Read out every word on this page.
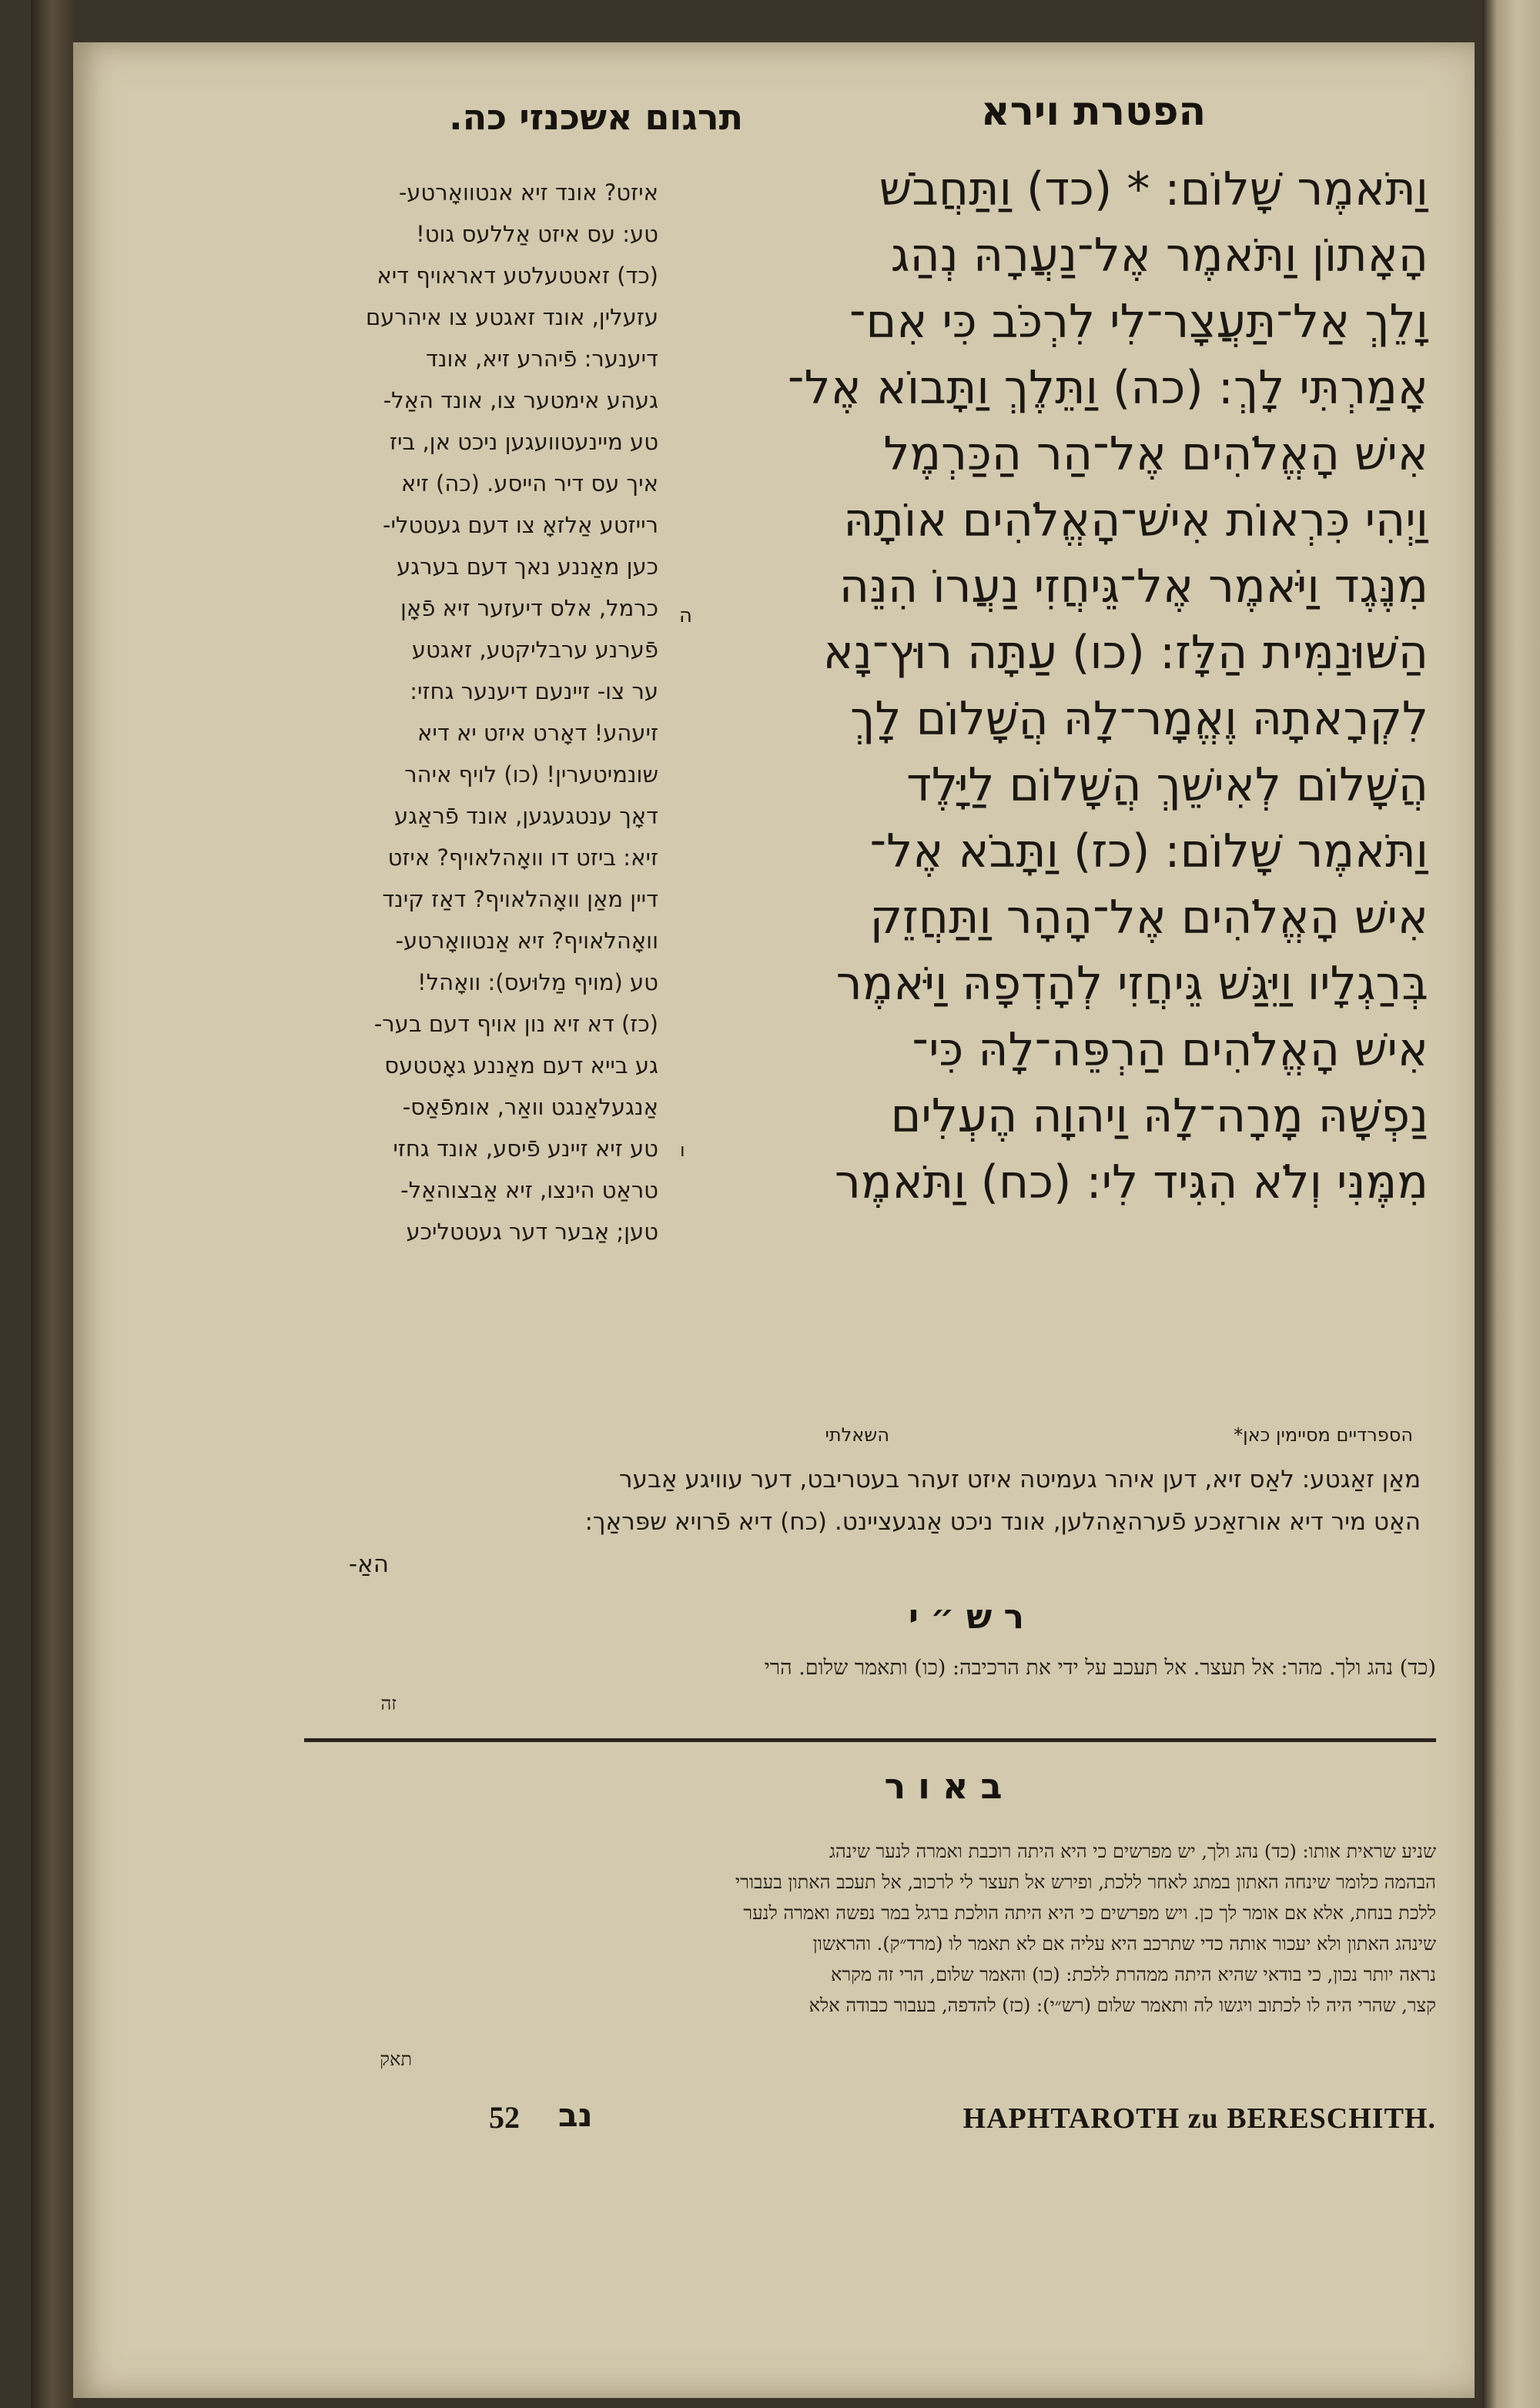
הפטרת וירא
תרגום אשכנזי כה.
וַתֹּאמֶר שָׁלוֹם: * (כד) וַתַּחֲבֹשׁ
הָאָתוֹן וַתֹּאמֶר אֶל־נַעֲרָהּ נְהַג
וָלֵךְ אַל־תַּעֲצָר־לִי לִרְכֹּב כִּי אִם־
אָמַרְתִּי לָךְ: (כה) וַתֵּלֶךְ וַתָּבוֹא אֶל־
אִישׁ הָאֱלֹהִים אֶל־הַר הַכַּרְמֶל
וַיְהִי כִּרְאוֹת אִישׁ־הָאֱלֹהִים אוֹתָהּ
מִנֶּגֶד וַיֹּאמֶר אֶל־גֵּיחֲזִי נַעֲרוֹ הִנֵּה
הַשּׁוּנַמִּית הַלָּז: (כו) עַתָּה רוּץ־נָא
לִקְרָאתָהּ וֶאֱמָר־לָהּ הֲשָׁלוֹם לָךְ
הֲשָׁלוֹם לְאִישֵׁךְ הֲשָׁלוֹם לַיָּלֶד
וַתֹּאמֶר שָׁלוֹם: (כז) וַתָּבֹא אֶל־
אִישׁ הָאֱלֹהִים אֶל־הָהָר וַתַּחֲזֵק
בְּרַגְלָיו וַיִּגַּשׁ גֵּיחֲזִי לְהָדְפָהּ וַיֹּאמֶר
אִישׁ הָאֱלֹהִים הַרְפֵּה־לָהּ כִּי־
נַפְשָׁהּ מָרָה־לָהּ וַיהוָה הֶעְלִים
מִמֶּנִּי וְלֹא הִגִּיד לִי: (כח) וַתֹּאמֶר
ה
ו
איזט? אונד זיא אנטוואָרטע-
טע: עס איזט אַללעס גוט!
(כד) זאטטעלטע דאראויף דיא
עזעלין, אונד זאגטע צו איהרעם
דיענער: פֿיהרע זיא, אונד
געהע אימטער צו, אונד האַל-
טע מיינעטוועגען ניכט אן, ביז
איך עס דיר הייסע. (כה) זיא
רייזטע אַלזאָ צו דעם געטטלי-
כען מאַננע נאך דעם בערגע
כרמל, אלס דיעזער זיא פֿאָן
פֿערנע ערבליקטע, זאגטע
ער צו- זיינעם דיענער גחזי:
זיעהע! דאָרט איזט יא דיא
שונמיטערין! (כו) לויף איהר
דאָך ענטגעגען, אונד פֿראַגע
זיא: ביזט דו וואָהלאויף? איזט
דיין מאַן וואָהלאויף? דאַז קינד
וואָהלאויף? זיא אַנטוואָרטע-
טע (מויף מַלוּעס): וואָהל!
(כז) דא זיא נון אויף דעם בער-
גע בייא דעם מאַננע גאָטטעס
אַנגעלאַנגט וואַר, אומפֿאַס-
טע זיא זיינע פֿיסע, אונד גחזי
טראַט הינצו, זיא אַבצוהאַל-
טען; אַבער דער געטטליכע
הספרדיים מסיימין כאן*
השאלתי
מאַן זאַגטע: לאַס זיא, דען איהר געמיטה איזט זעהר בעטריבט, דער עוויגע אַבער
האַט מיר דיא אורזאַכע פֿערהאַהלען, אונד ניכט אַנגעציינט. (כח) דיא פֿרויא שפּראַך:
האַ-
ר ש ״ י
(כד) נהג ולך. מהר: אל תעצר. אל תעכב על ידי את הרכיבה: (כו) ותאמר שלום. הרי
זה
ב א ו ר
שניע שראית אותו: (כד) נהג ולך, יש מפרשים כי היא היתה רוכבת ואמרה לנער שינהג
הבהמה כלומר שינחה האתון במתג לאחר ללכת, ופירש אל תעצר לי לרכוב, אל תעכב האתון בעבורי
ללכת בנחת, אלא אם אומר לך כן. ויש מפרשים כי היא היתה הולכת ברגל במר נפשה ואמרה לנער
שינהג האתון ולא יעכור אותה כדי שתרכב היא עליה אם לא תאמר לו (מרד״ק). והראשון
נראה יותר נכון, כי בודאי שהיא היתה ממהרת ללכת: (כו) והאמר שלום, הרי זה מקרא
קצר, שהרי היה לו לכתוב ויגשו לה ותאמר שלום (רש״י): (כז) להדפה, בעבור כבודה אלא
תאק
HAPHTAROTH zu BERESCHITH.
52 נב
